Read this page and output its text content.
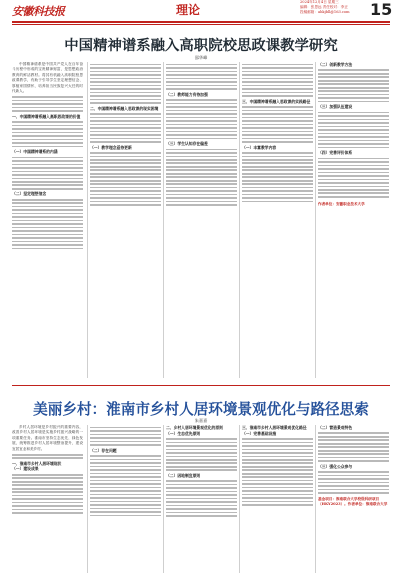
安徽科技报	理论
2024年12月4日 星期三
编辑：张思远 责任校对：李正
投稿邮箱：ahkjbll@163.com	15
中国精神谱系融入高职院校思政课教学研究
邵华峰

中国精神谱系是中国共产党人在百年奋斗历程中形成的宝贵精神财富，是思想政治教育的鲜活教材。将其有机融入高职院校思政课教学，有助于引导学生坚定理想信念、厚植家国情怀，培养担当民族复兴大任的时代新人。

一、中国精神谱系融入高职思政课的价值

（一）中国精神谱系的内涵

（二）坚定理想信念

二、中国精神谱系融入思政课的现实困境

（一）教学理念亟待更新

（二）教师能力有待加强

（三）学生认知存在偏差

三、中国精神谱系融入思政课的实践路径

（一）丰富教学内容

（二）创新教学方法

（三）加强队伍建设

（四）完善评价体系

作者单位：安徽职业技术大学
美丽乡村：淮南市乡村人居环境景观优化与路径思索
朱嘉嘉

乡村人居环境是乡村振兴的重要内容，改善乡村人居环境是实施乡村振兴战略的一项重要任务。淮南市坚持生态优先、绿色发展，统筹推进乡村人居环境整治提升，建设宜居宜业和美乡村。

一、淮南市乡村人居环境现状

（一）建设成果

（二）存在问题

二、乡村人居环境景观优化的原则

（一）生态优先原则

（二）因地制宜原则

三、淮南市乡村人居环境景观优化路径

（一）完善基础设施

（二）营造景观特色

（三）强化公众参与

基金项目：淮南联合大学校级科研项目（HKY2023）。作者单位：淮南联合大学
